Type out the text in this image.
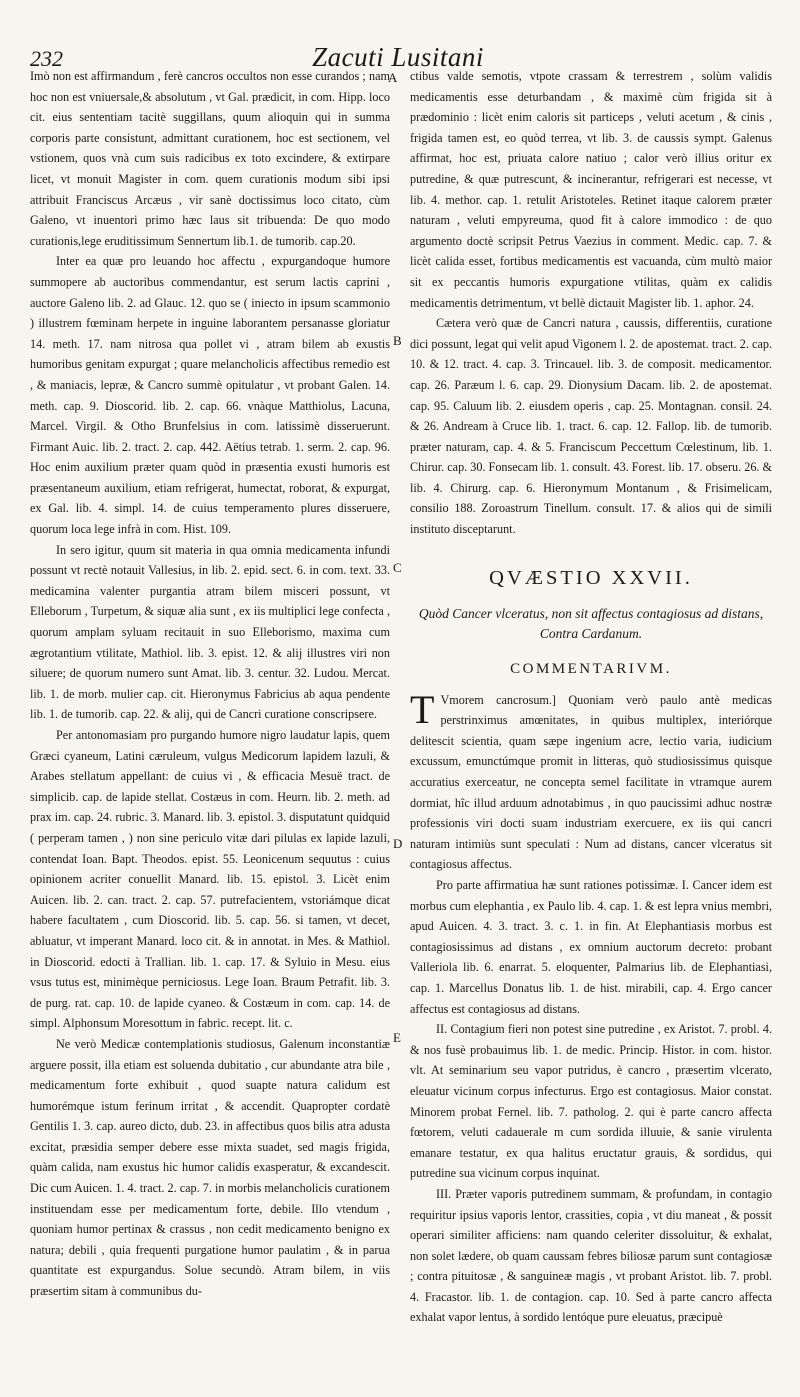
232	Zacuti Lusitani
A
B
C
D
E

Imò non est affirmandum , ferè cancros occultos non esse curandos ; nam hoc non est vniuersale,& absolutum , vt Gal. prædicit, in com. Hipp. loco cit. eius sententiam tacitè suggillans, quum alioquin qui in summa corporis parte consistunt, admittant curationem, hoc est sectionem, vel vstionem, quos vnà cum suis radicibus ex toto excindere, & extirpare licet, vt monuit Magister in com. quem curationis modum sibi ipsi attribuit Franciscus Arcæus , vir sanè doctissimus loco citato, cùm Galeno, vt inuentori primo hæc laus sit tribuenda: De quo modo curationis,lege eruditissimum Sennertum lib.1. de tumorib. cap.20.

Inter ea quæ pro leuando hoc affectu , expurgandoque humore summopere ab auctoribus commendantur, est serum lactis caprini , auctore Galeno lib. 2. ad Glauc. 12. quo se ( iniecto in ipsum scammonio ) illustrem fœminam herpete in inguine laborantem persanasse gloriatur 14. meth. 17. nam nitrosa qua pollet vi , atram bilem ab exustis humoribus genitam expurgat ; quare melancholicis affectibus remedio est , & maniacis, lepræ, & Cancro summè opitulatur , vt probant Galen. 14. meth. cap. 9. Dioscorid. lib. 2. cap. 66. vnàque Matthiolus, Lacuna, Marcel. Virgil. & Otho Brunfelsius in com. latissimè disseruerunt. Firmant Auic. lib. 2. tract. 2. cap. 442. Aëtius tetrab. 1. serm. 2. cap. 96. Hoc enim auxilium præter quam quòd in præsentia exusti humoris est præsentaneum auxilium, etiam refrigerat, humectat, roborat, & expurgat, ex Gal. lib. 4. simpl. 14. de cuius temperamento plures disseruere, quorum loca lege infrà in com. Hist. 109.

In sero igitur, quum sit materia in qua omnia medicamenta infundi possunt vt rectè notauit Vallesius, in lib. 2. epid. sect. 6. in com. text. 33. medicamina valenter purgantia atram bilem misceri possunt, vt Elleborum , Turpetum, & siquæ alia sunt , ex iis multiplici lege confecta , quorum amplam syluam recitauit in suo Elleborismo, maxima cum ægrotantium vtilitate, Mathiol. lib. 3. epist. 12. & alij illustres viri non siluere; de quorum numero sunt Amat. lib. 3. centur. 32. Ludou. Mercat. lib. 1. de morb. mulier cap. cit. Hieronymus Fabricius ab aqua pendente lib. 1. de tumorib. cap. 22. & alij, qui de Cancri curatione conscripsere.

Per antonomasiam pro purgando humore nigro laudatur lapis, quem Græci cyaneum, Latini cæruleum, vulgus Medicorum lapidem lazuli, & Arabes stellatum appellant: de cuius vi , & efficacia Mesuë tract. de simplicib. cap. de lapide stellat. Costæus in com. Heurn. lib. 2. meth. ad prax im. cap. 24. rubric. 3. Manard. lib. 3. epistol. 3. disputatunt quidquid ( perperam tamen , ) non sine periculo vitæ dari pilulas ex lapide lazuli, contendat Ioan. Bapt. Theodos. epist. 55. Leonicenum sequutus : cuius opinionem acriter conuellit Manard. lib. 15. epistol. 3. Licèt enim Auicen. lib. 2. can. tract. 2. cap. 57. putrefacientem, vstoriámque dicat habere facultatem , cum Dioscorid. lib. 5. cap. 56. si tamen, vt decet, abluatur, vt imperant Manard. loco cit. & in annotat. in Mes. & Mathiol. in Dioscorid. edocti à Trallian. lib. 1. cap. 17. & Syluio in Mesu. eius vsus tutus est, minimèque perniciosus. Lege Ioan. Braum Petrafit. lib. 3. de purg. rat. cap. 10. de lapide cyaneo. & Costæum in com. cap. 14. de simpl. Alphonsum Moresottum in fabric. recept. lit. c.

Ne verò Medicæ contemplationis studiosus, Galenum inconstantiæ arguere possit, illa etiam est soluenda dubitatio , cur abundante atra bile , medicamentum forte exhibuit , quod suapte natura calidum est humorémque istum ferinum irritat , & accendit. Quapropter cordatè Gentilis 1. 3. cap. aureo dicto, dub. 23. in affectibus quos bilis atra adusta excitat, præsidia semper debere esse mixta suadet, sed magis frigida, quàm calida, nam exustus hic humor calidis exasperatur, & excandescit. Dic cum Auicen. 1. 4. tract. 2. cap. 7. in morbis melancholicis curationem instituendam esse per medicamentum forte, debile. Illo vtendum , quoniam humor pertinax & crassus , non cedit medicamento benigno ex natura; debili , quia frequenti purgatione humor paulatim , & in parua quantitate est expurgandus. Solue secundò. Atram bilem, in viis præsertim sitam à communibus du-

ctibus valde semotis, vtpote crassam & terrestrem , solùm validis medicamentis esse deturbandam , & maximè cùm frigida sit à prædominio : licèt enim caloris sit particeps , veluti acetum , & cinis , frigida tamen est, eo quòd terrea, vt lib. 3. de caussis sympt. Galenus affirmat, hoc est, priuata calore natiuo ; calor verò illius oritur ex putredine, & quæ putrescunt, & incinerantur, refrigerari est necesse, vt lib. 4. methor. cap. 1. retulit Aristoteles. Retinet itaque calorem præter naturam , veluti empyreuma, quod fit à calore immodico : de quo argumento doctè scripsit Petrus Vaezius in comment. Medic. cap. 7. & licèt calida esset, fortibus medicamentis est vacuanda, cùm multò maior sit ex peccantis humoris expurgatione vtilitas, quàm ex calidis medicamentis detrimentum, vt bellè dictauit Magister lib. 1. aphor. 24.

Cætera verò quæ de Cancri natura , caussis, differentiis, curatione dici possunt, legat qui velit apud Vigonem l. 2. de apostemat. tract. 2. cap. 10. & 12. tract. 4. cap. 3. Trincauel. lib. 3. de composit. medicamentor. cap. 26. Paræum l. 6. cap. 29. Dionysium Dacam. lib. 2. de apostemat. cap. 95. Caluum lib. 2. eiusdem operis , cap. 25. Montagnan. consil. 24. & 26. Andream à Cruce lib. 1. tract. 6. cap. 12. Fallop. lib. de tumorib. præter naturam, cap. 4. & 5. Franciscum Peccettum Cœlestinum, lib. 1. Chirur. cap. 30. Fonsecam lib. 1. consult. 43. Forest. lib. 17. obseru. 26. & lib. 4. Chirurg. cap. 6. Hieronymum Montanum , & Frisimelicam, consilio 188. Zoroastrum Tinellum. consult. 17. & alios qui de simili instituto disceptarunt.

QVÆSTIO XXVII.
Quòd Cancer vlceratus, non sit affectus contagiosus ad distans, Contra Cardanum.
COMMENTARIVM.

T Vmorem cancrosum.] Quoniam verò paulo antè medicas perstrinximus amœnitates, in quibus multiplex, interiórque delitescit scientia, quam sæpe ingenium acre, lectio varia, iudicium excussum, emunctúmque promit in litteras, quò studiosissimus quisque accuratius exerceatur, ne concepta semel facilitate in vtramque aurem dormiat, hîc illud arduum adnotabimus , in quo paucissimi adhuc nostræ professionis viri docti suam industriam exercuere, ex iis qui cancri naturam intimiùs sunt speculati : Num ad distans, cancer vlceratus sit contagiosus affectus.

Pro parte affirmatiua hæ sunt rationes potissimæ. I. Cancer idem est morbus cum elephantia , ex Paulo lib. 4. cap. 1. & est lepra vnius membri, apud Auicen. 4. 3. tract. 3. c. 1. in fin. At Elephantiasis morbus est contagiosissimus ad distans , ex omnium auctorum decreto: probant Valleriola lib. 6. enarrat. 5. eloquenter, Palmarius lib. de Elephantiasi, cap. 1. Marcellus Donatus lib. 1. de hist. mirabili, cap. 4. Ergo cancer affectus est contagiosus ad distans.

II. Contagium fieri non potest sine putredine , ex Aristot. 7. probl. 4. & nos fusè probauimus lib. 1. de medic. Princip. Histor. in com. histor. vlt. At seminarium seu vapor putridus, è cancro , præsertim vlcerato, eleuatur vicinum corpus infecturus. Ergo est contagiosus. Maior constat. Minorem probat Fernel. lib. 7. patholog. 2. qui è parte cancro affecta fœtorem, veluti cadauerale m cum sordida illuuie, & sanie virulenta emanare testatur, ex qua halitus eructatur grauis, & sordidus, qui putredine sua vicinum corpus inquinat.

III. Præter vaporis putredinem summam, & profundam, in contagio requiritur ipsius vaporis lentor, crassities, copia , vt diu maneat , & possit operari similiter afficiens: nam quando celeriter dissoluitur, & exhalat, non solet lædere, ob quam caussam febres biliosæ parum sunt contagiosæ ; contra pituitosæ , & sanguineæ magis , vt probant Aristot. lib. 7. probl. 4. Fracastor. lib. 1. de contagion. cap. 10. Sed à parte cancro affecta exhalat vapor lentus, à sordido lentóque pure eleuatus, præcipuè
